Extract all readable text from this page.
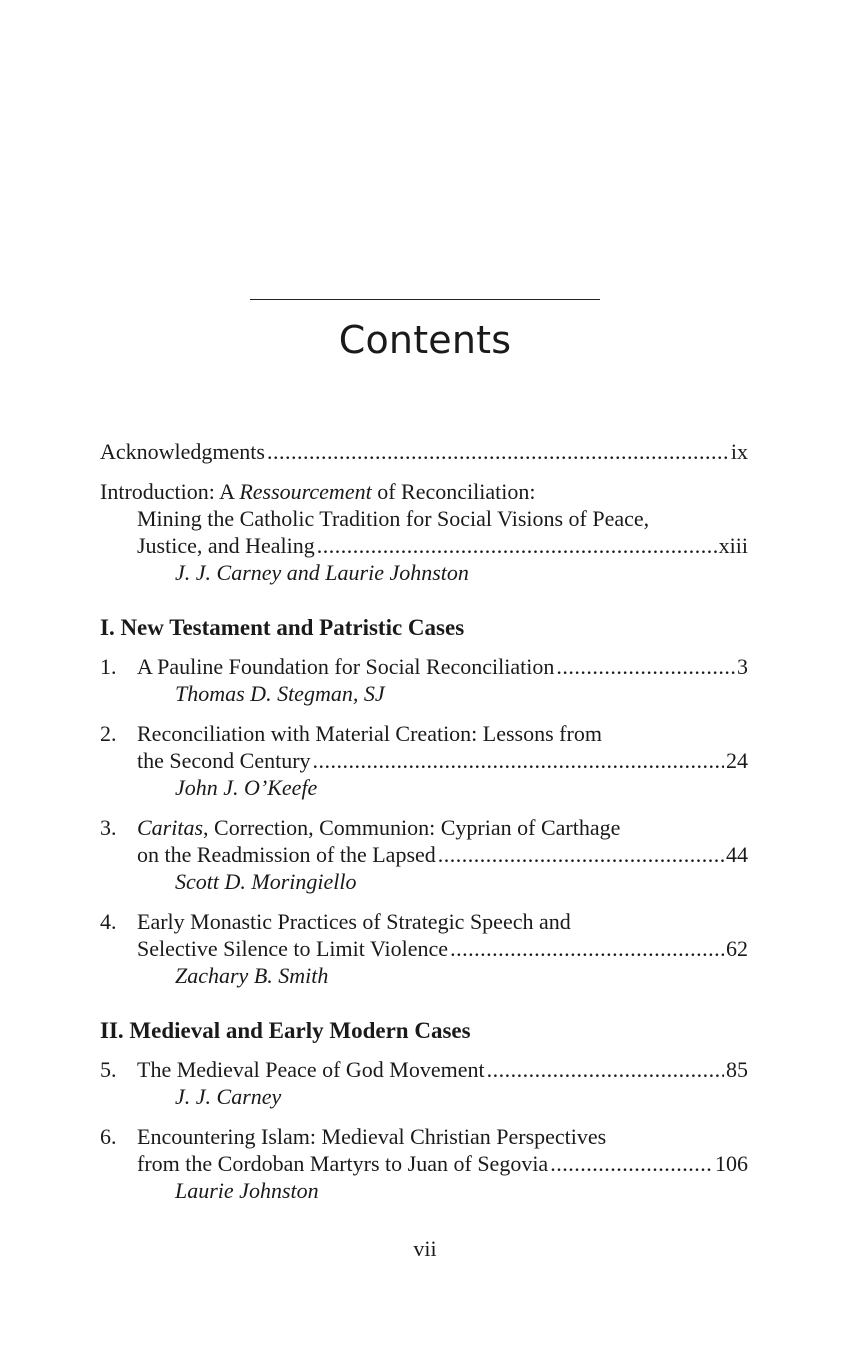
Contents
Acknowledgments .....	ix
Introduction: A Ressourcement of Reconciliation:
Mining the Catholic Tradition for Social Visions of Peace,
Justice, and Healing .....	xiii
J. J. Carney and Laurie Johnston
I. New Testament and Patristic Cases
1. A Pauline Foundation for Social Reconciliation .....	3
Thomas D. Stegman, SJ
2. Reconciliation with Material Creation: Lessons from
the Second Century .....	24
John J. O’Keefe
3. Caritas , Correction, Communion: Cyprian of Carthage
on the Readmission of the Lapsed .....	44
Scott D. Moringiello
4. Early Monastic Practices of Strategic Speech and
Selective Silence to Limit Violence .....	62
Zachary B. Smith
II. Medieval and Early Modern Cases
5. The Medieval Peace of God Movement .....	85
J. J. Carney
6. Encountering Islam: Medieval Christian Perspectives
from the Cordoban Martyrs to Juan of Segovia .....	106
Laurie Johnston
vii
